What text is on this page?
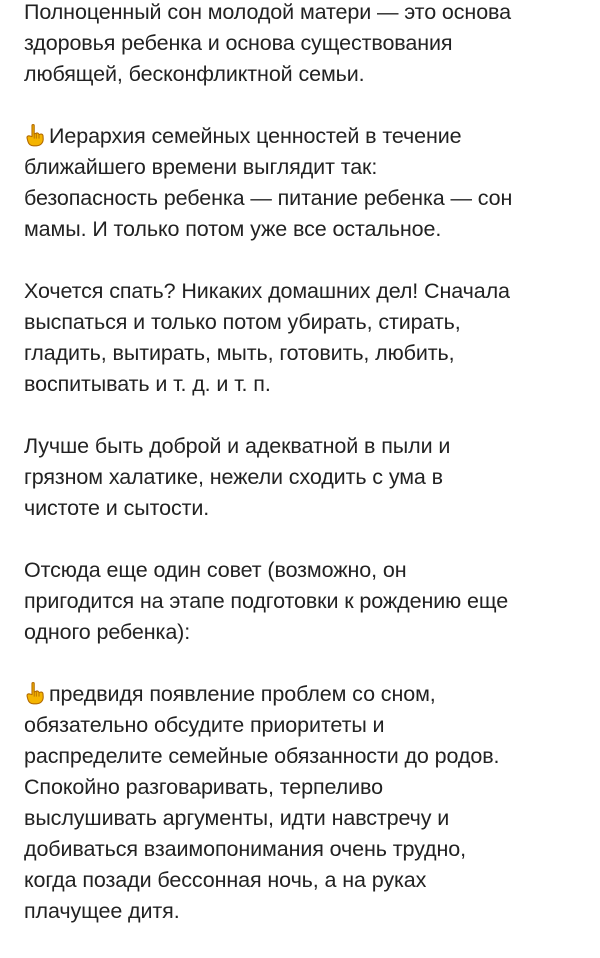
Полноценный сон молодой матери — это основа
здоровья ребенка и основа существования
любящей, бесконфликтной семьи.
Иерархия семейных ценностей в течение
ближайшего времени выглядит так:
безопасность ребенка — питание ребенка — сон
мамы. И только потом уже все остальное.
Хочется спать? Никаких домашних дел! Сначала
выспаться и только потом убирать, стирать,
гладить, вытирать, мыть, готовить, любить,
воспитывать и т. д. и т. п.
Лучше быть доброй и адекватной в пыли и
грязном халатике, нежели сходить с ума в
чистоте и сытости.
Отсюда еще один совет (возможно, он
пригодится на этапе подготовки к рождению еще
одного ребенка):
предвидя появление проблем со сном,
обязательно обсудите приоритеты и
распределите семейные обязанности до родов.
Спокойно разговаривать, терпеливо
выслушивать аргументы, идти навстречу и
добиваться взаимопонимания очень трудно,
когда позади бессонная ночь, а на руках
плачущее дитя.
